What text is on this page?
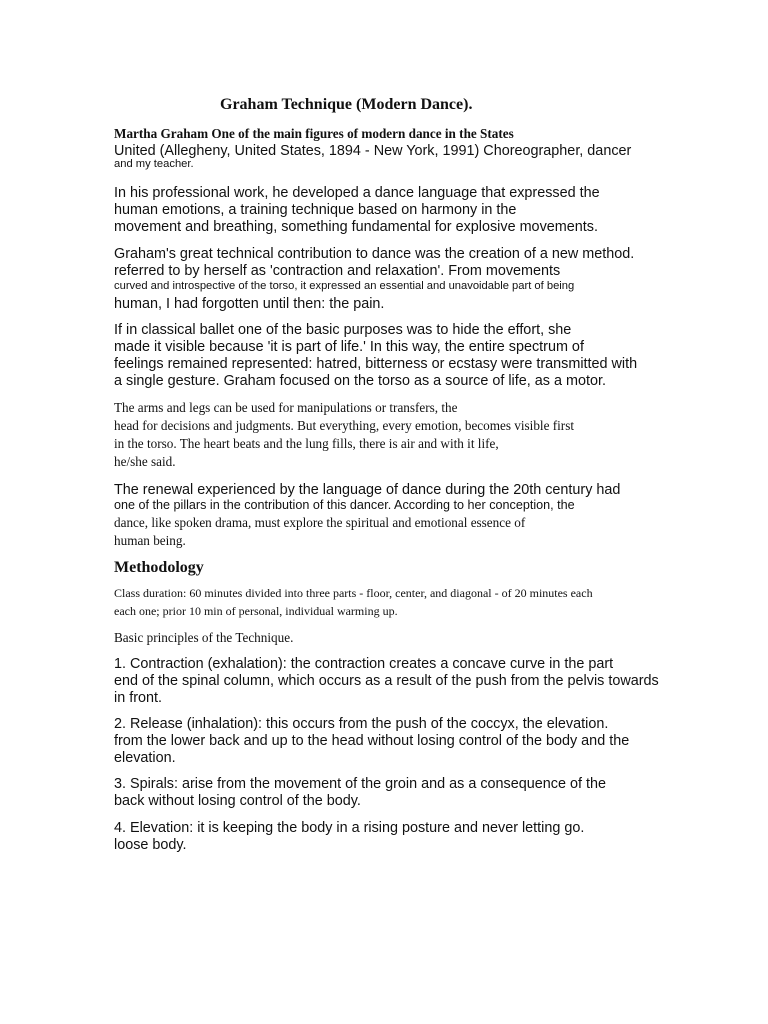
Graham Technique (Modern Dance).
Martha Graham One of the main figures of modern dance in the States
United (Allegheny, United States, 1894 - New York, 1991) Choreographer, dancer
and my teacher.
In his professional work, he developed a dance language that expressed the
human emotions, a training technique based on harmony in the
movement and breathing, something fundamental for explosive movements.
Graham's great technical contribution to dance was the creation of a new method.
referred to by herself as 'contraction and relaxation'. From movements
curved and introspective of the torso, it expressed an essential and unavoidable part of being
human, I had forgotten until then: the pain.
If in classical ballet one of the basic purposes was to hide the effort, she
made it visible because 'it is part of life.' In this way, the entire spectrum of
feelings remained represented: hatred, bitterness or ecstasy were transmitted with
a single gesture. Graham focused on the torso as a source of life, as a motor.
The arms and legs can be used for manipulations or transfers, the
head for decisions and judgments. But everything, every emotion, becomes visible first
in the torso. The heart beats and the lung fills, there is air and with it life,
he/she said.
The renewal experienced by the language of dance during the 20th century had
one of the pillars in the contribution of this dancer. According to her conception, the
dance, like spoken drama, must explore the spiritual and emotional essence of
human being.
Methodology
Class duration: 60 minutes divided into three parts - floor, center, and diagonal - of 20 minutes each
each one; prior 10 min of personal, individual warming up.
Basic principles of the Technique.
1. Contraction (exhalation): the contraction creates a concave curve in the part
end of the spinal column, which occurs as a result of the push from the pelvis towards
in front.
2. Release (inhalation): this occurs from the push of the coccyx, the elevation.
from the lower back and up to the head without losing control of the body and the
elevation.
3. Spirals: arise from the movement of the groin and as a consequence of the
back without losing control of the body.
4. Elevation: it is keeping the body in a rising posture and never letting go.
loose body.
